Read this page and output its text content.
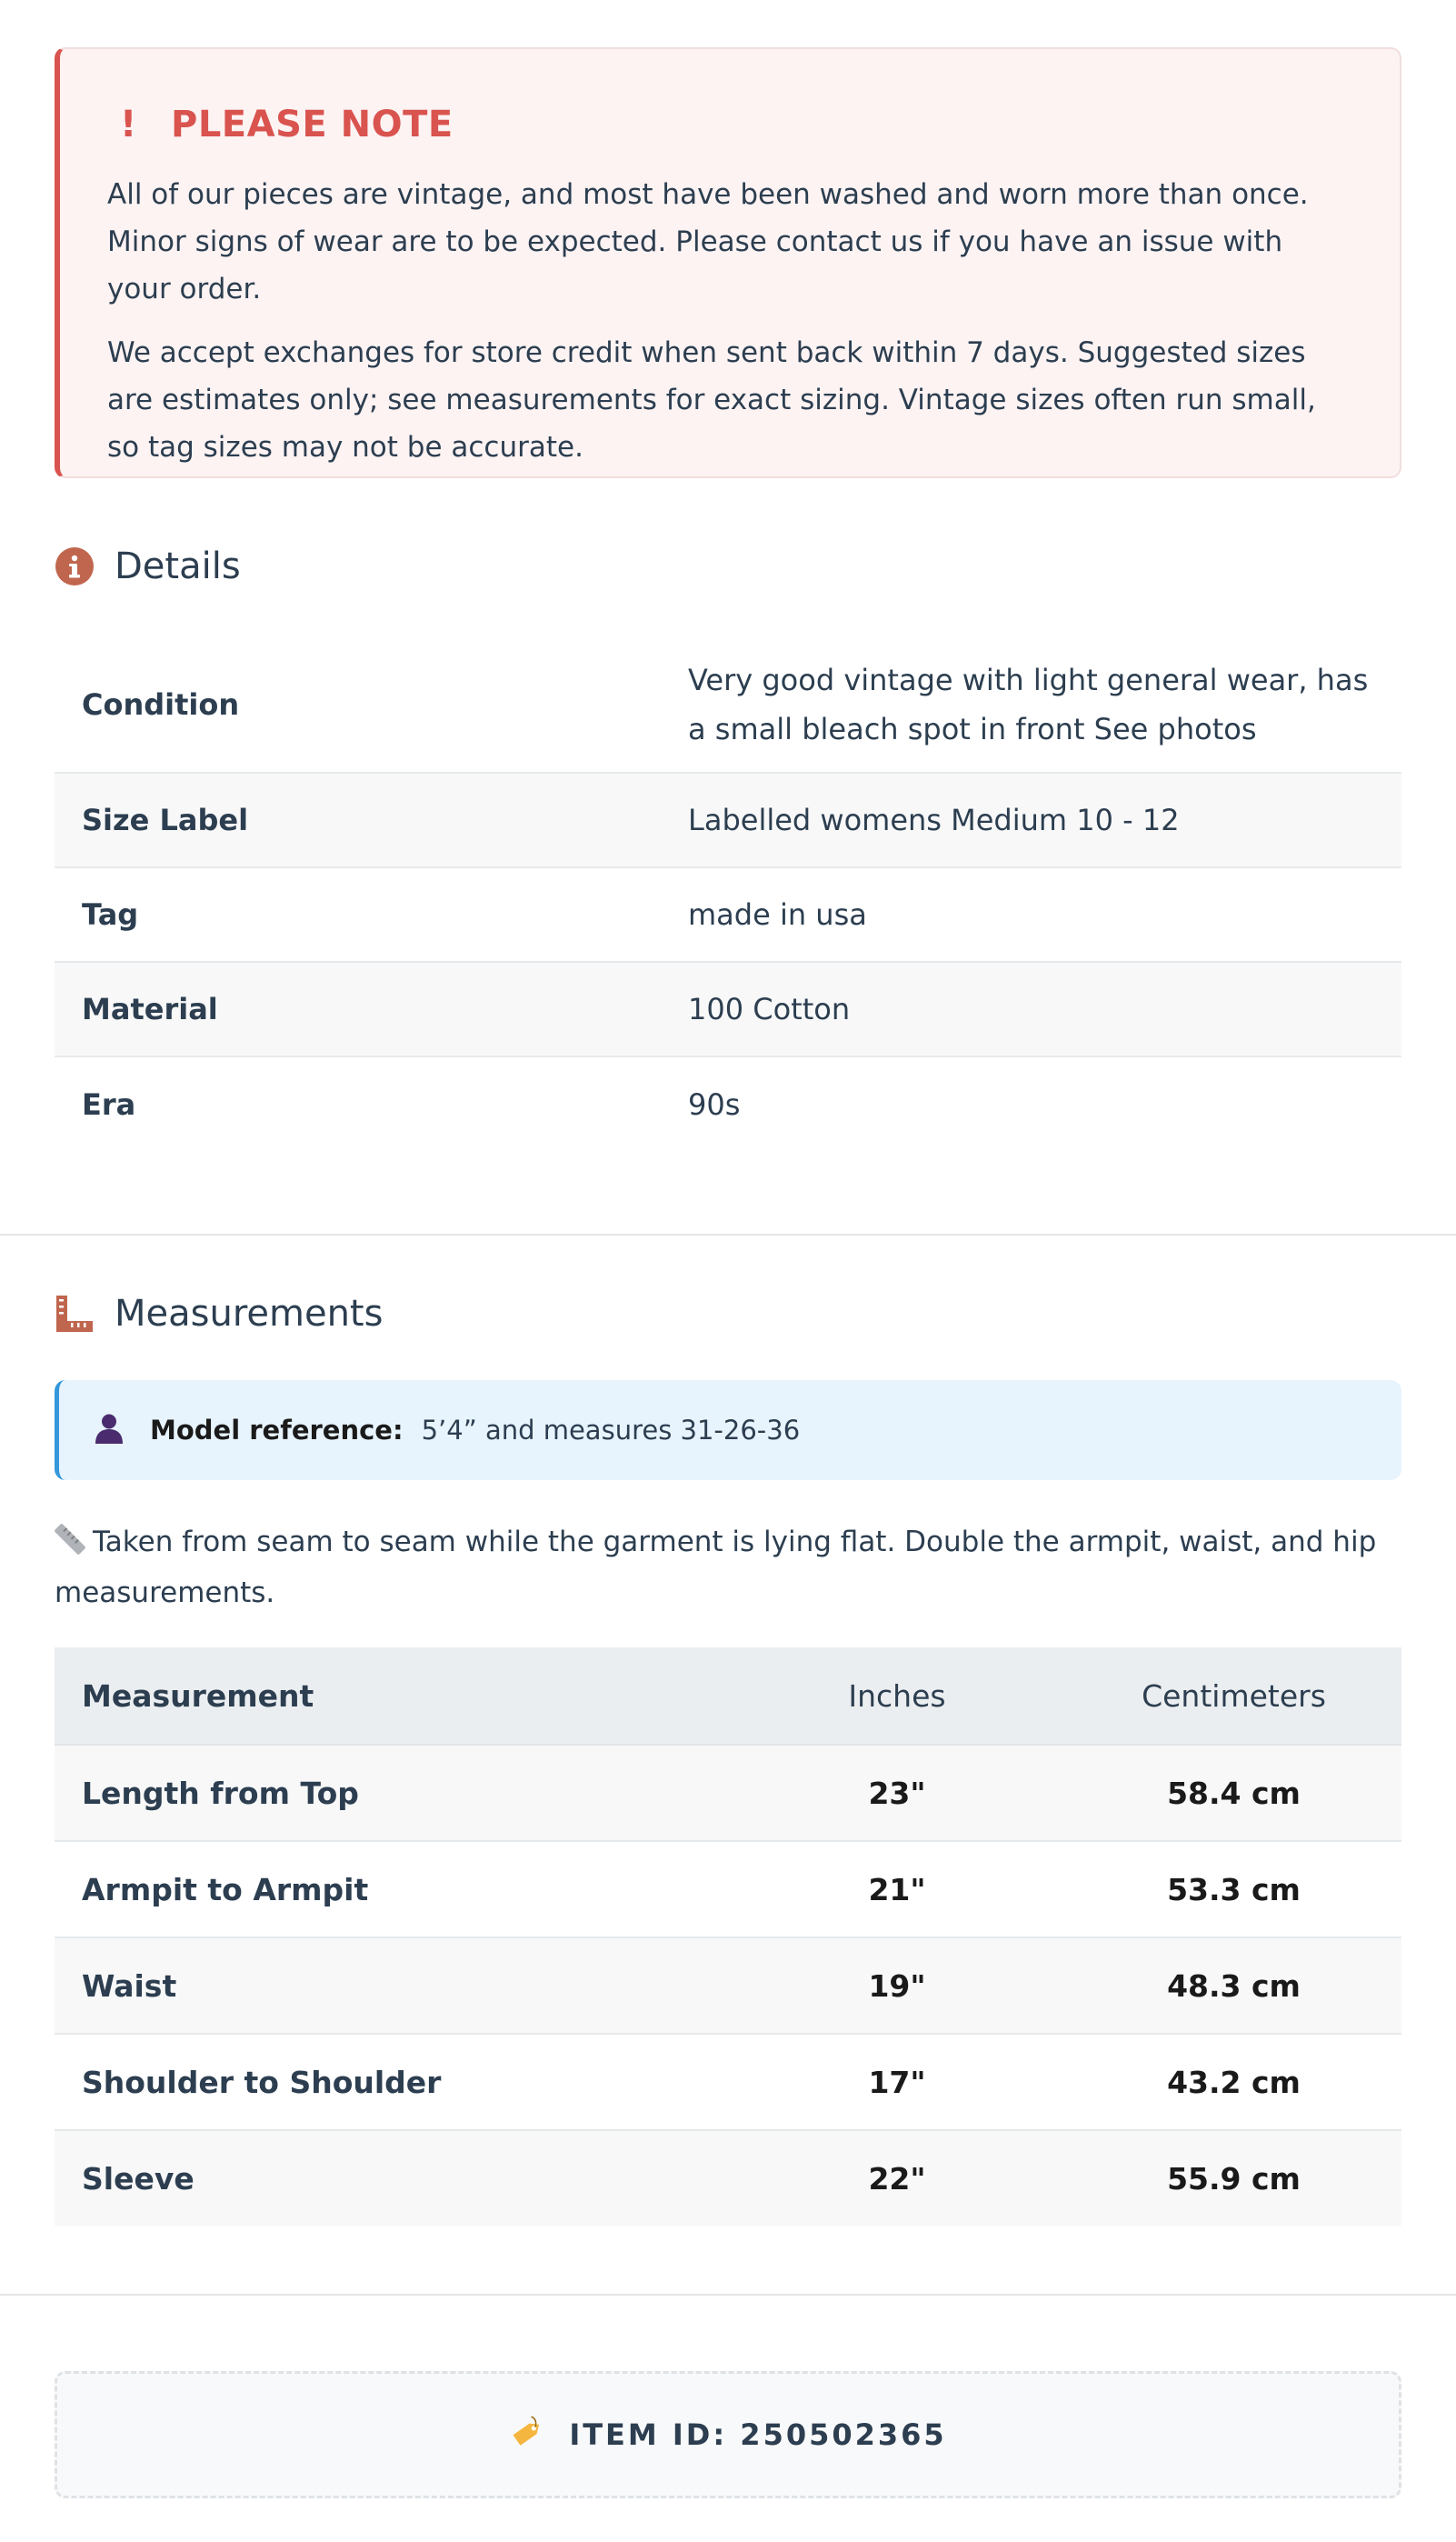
! PLEASE NOTE

All of our pieces are vintage, and most have been washed and worn more than once. Minor signs of wear are to be expected. Please contact us if you have an issue with your order.

We accept exchanges for store credit when sent back within 7 days. Suggested sizes are estimates only; see measurements for exact sizing. Vintage sizes often run small, so tag sizes may not be accurate.

Details
Condition	Very good vintage with light general wear, has a small bleach spot in front See photos
Size Label	Labelled womens Medium 10 - 12
Tag	made in usa
Material	100 Cotton
Era	90s
Measurements
Model reference: 5’4” and measures 31-26-36
Taken from seam to seam while the garment is lying flat. Double the armpit, waist, and hip measurements.
Measurement	Inches	Centimeters
Length from Top	23"	58.4 cm
Armpit to Armpit	21"	53.3 cm
Waist	19"	48.3 cm
Shoulder to Shoulder	17"	43.2 cm
Sleeve	22"	55.9 cm
ITEM ID: 250502365
